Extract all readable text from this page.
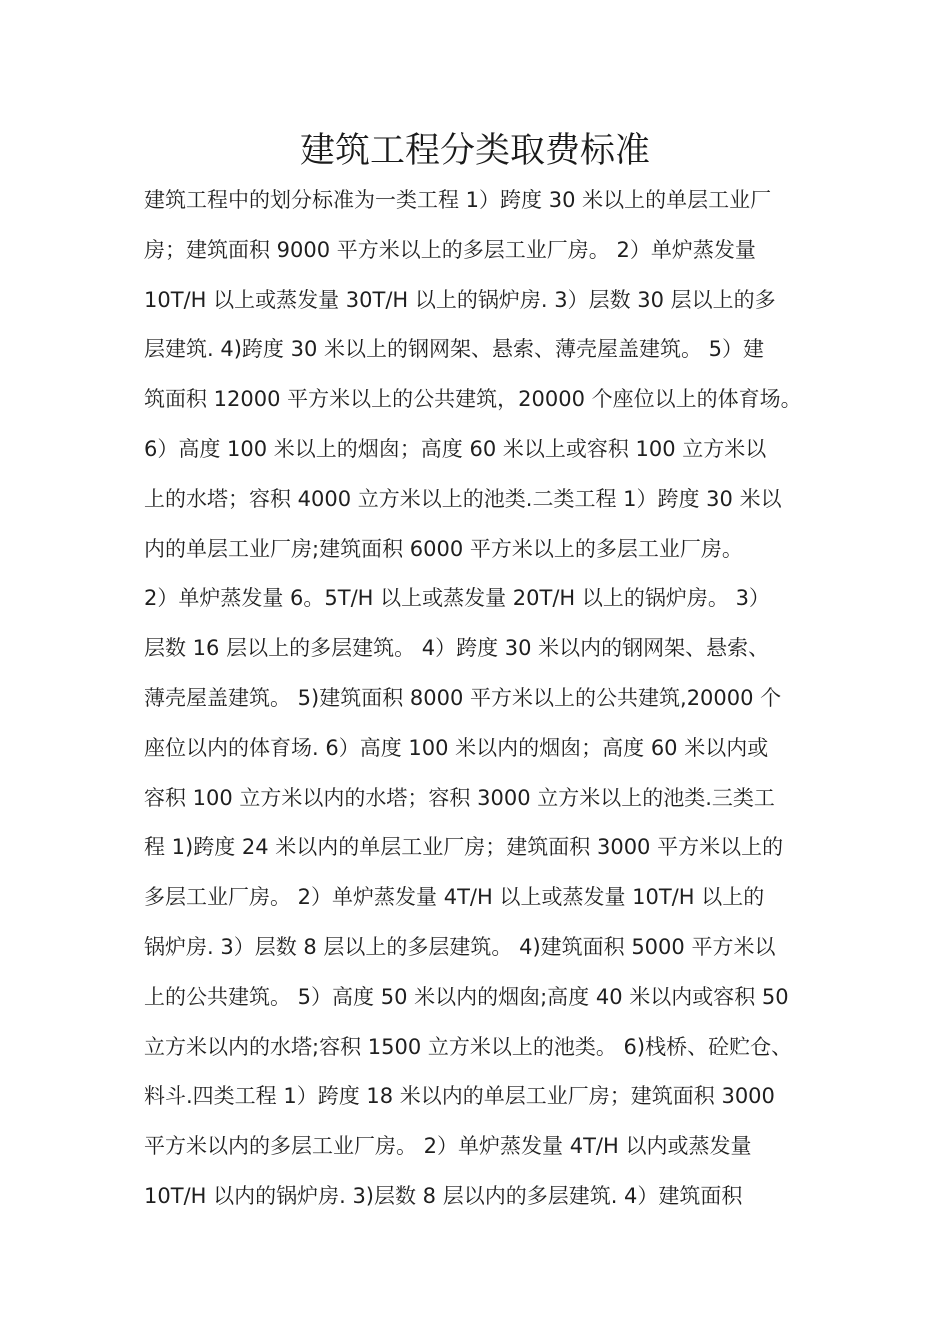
建筑工程分类取费标准
建筑工程中的划分标准为一类工程 1）跨度 30 米以上的单层工业厂
房；建筑面积 9000 平方米以上的多层工业厂房。 2）单炉蒸发量
10T/H 以上或蒸发量 30T/H 以上的锅炉房. 3）层数 30 层以上的多
层建筑. 4)跨度 30 米以上的钢网架、悬索、薄壳屋盖建筑。 5）建
筑面积 12000 平方米以上的公共建筑，20000 个座位以上的体育场。
6）高度 100 米以上的烟囱；高度 60 米以上或容积 100 立方米以
上的水塔；容积 4000 立方米以上的池类.二类工程 1）跨度 30 米以
内的单层工业厂房;建筑面积 6000 平方米以上的多层工业厂房。
2）单炉蒸发量 6。5T/H 以上或蒸发量 20T/H 以上的锅炉房。 3）
层数 16 层以上的多层建筑。 4）跨度 30 米以内的钢网架、悬索、
薄壳屋盖建筑。 5)建筑面积 8000 平方米以上的公共建筑,20000 个
座位以内的体育场. 6）高度 100 米以内的烟囱；高度 60 米以内或
容积 100 立方米以内的水塔；容积 3000 立方米以上的池类.三类工
程 1)跨度 24 米以内的单层工业厂房；建筑面积 3000 平方米以上的
多层工业厂房。 2）单炉蒸发量 4T/H 以上或蒸发量 10T/H 以上的
锅炉房. 3）层数 8 层以上的多层建筑。 4)建筑面积 5000 平方米以
上的公共建筑。 5）高度 50 米以内的烟囱;高度 40 米以内或容积 50
立方米以内的水塔;容积 1500 立方米以上的池类。 6)栈桥、砼贮仓、
料斗.四类工程 1）跨度 18 米以内的单层工业厂房；建筑面积 3000
平方米以内的多层工业厂房。 2）单炉蒸发量 4T/H 以内或蒸发量
10T/H 以内的锅炉房. 3)层数 8 层以内的多层建筑. 4）建筑面积
